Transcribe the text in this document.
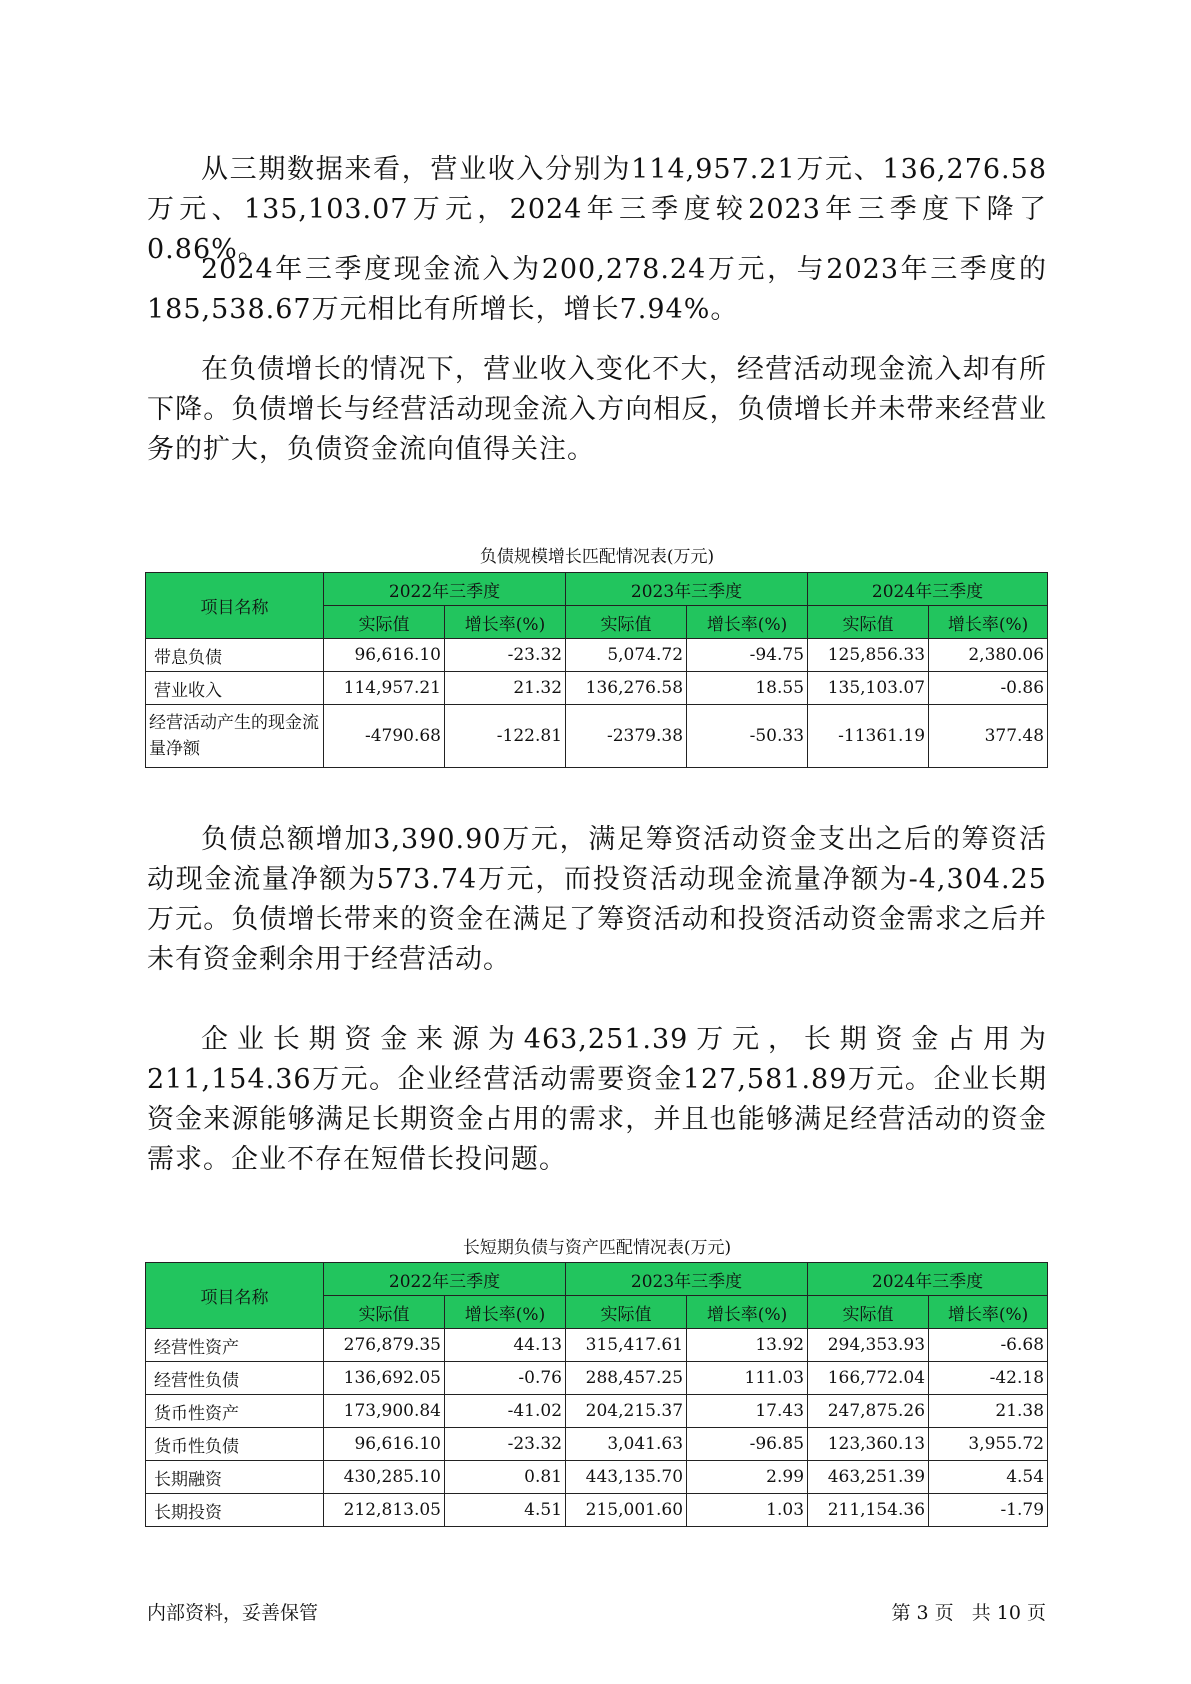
从三期数据来看，营业收入分别为114,957.21万元、136,276.58万元、135,103.07万元，2024年三季度较2023年三季度下降了0.86%。

2024年三季度现金流入为200,278.24万元，与2023年三季度的185,538.67万元相比有所增长，增长7.94%。

在负债增长的情况下，营业收入变化不大，经营活动现金流入却有所下降。负债增长与经营活动现金流入方向相反，负债增长并未带来经营业务的扩大，负债资金流向值得关注。

负债规模增长匹配情况表(万元)
项目名称	2022年三季度		2023年三季度		2024年三季度	
	实际值	增长率(%)	实际值	增长率(%)	实际值	增长率(%)
带息负债	96,616.10	-23.32	5,074.72	-94.75	125,856.33	2,380.06
营业收入	114,957.21	21.32	136,276.58	18.55	135,103.07	-0.86
经营活动产生的现金流量净额	-4790.68	-122.81	-2379.38	-50.33	-11361.19	377.48

负债总额增加3,390.90万元，满足筹资活动资金支出之后的筹资活动现金流量净额为573.74万元，而投资活动现金流量净额为-4,304.25万元。负债增长带来的资金在满足了筹资活动和投资活动资金需求之后并未有资金剩余用于经营活动。

企业长期资金来源为463,251.39万元，长期资金占用为211,154.36万元。企业经营活动需要资金127,581.89万元。企业长期资金来源能够满足长期资金占用的需求，并且也能够满足经营活动的资金需求。企业不存在短借长投问题。

长短期负债与资产匹配情况表(万元)
项目名称	2022年三季度		2023年三季度		2024年三季度	
	实际值	增长率(%)	实际值	增长率(%)	实际值	增长率(%)
经营性资产	276,879.35	44.13	315,417.61	13.92	294,353.93	-6.68
经营性负债	136,692.05	-0.76	288,457.25	111.03	166,772.04	-42.18
货币性资产	173,900.84	-41.02	204,215.37	17.43	247,875.26	21.38
货币性负债	96,616.10	-23.32	3,041.63	-96.85	123,360.13	3,955.72
长期融资	430,285.10	0.81	443,135.70	2.99	463,251.39	4.54
长期投资	212,813.05	4.51	215,001.60	1.03	211,154.36	-1.79
内部资料，妥善保管	第 3 页   共 10 页
